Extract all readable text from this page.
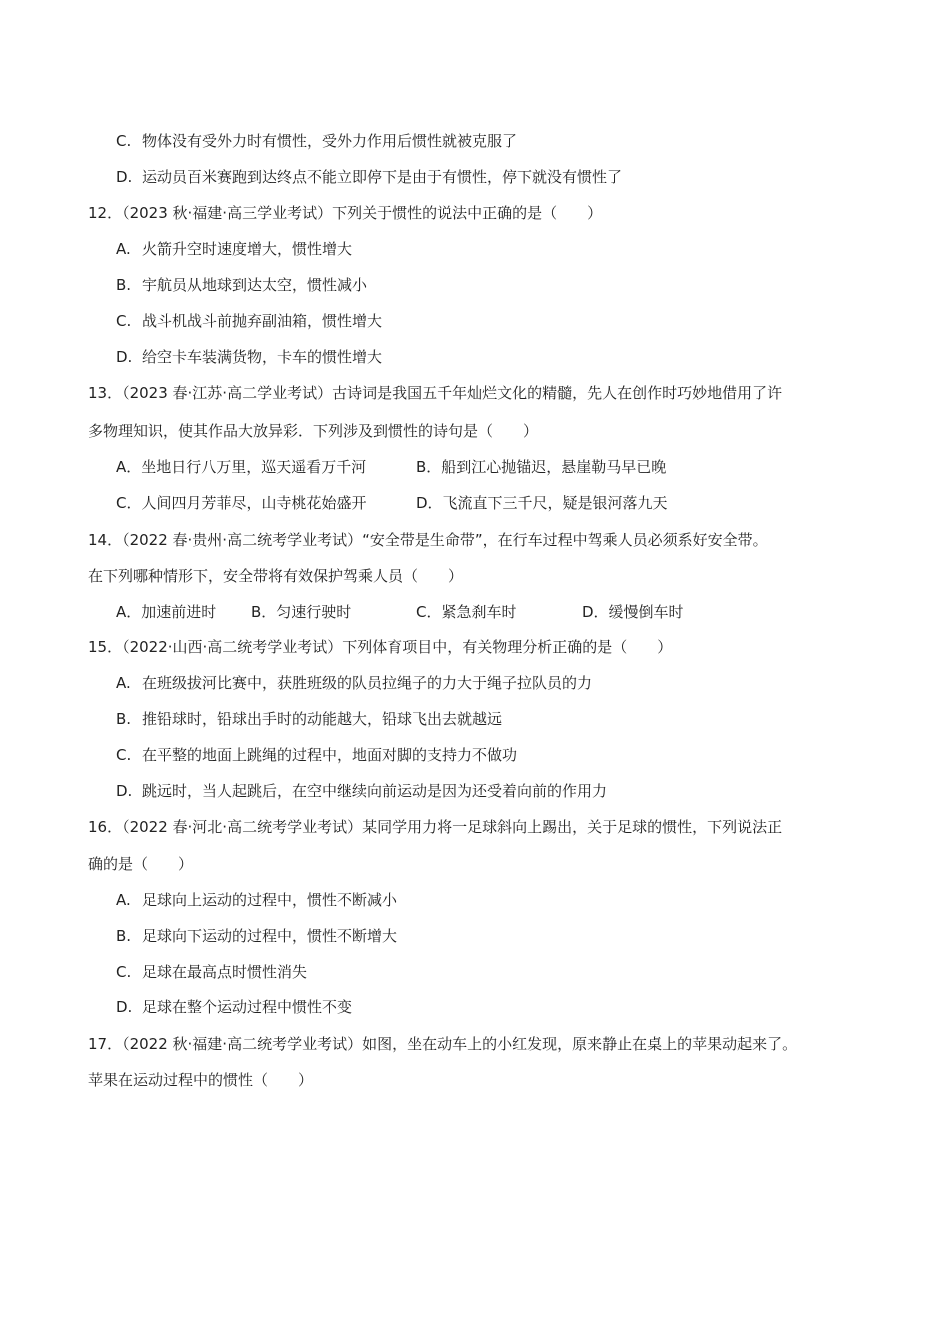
C. 物体没有受外力时有惯性，受外力作用后惯性就被克服了
D. 运动员百米赛跑到达终点不能立即停下是由于有惯性，停下就没有惯性了
12．（2023 秋·福建·高三学业考试）下列关于惯性的说法中正确的是（　　）
A. 火箭升空时速度增大，惯性增大
B. 宇航员从地球到达太空，惯性减小
C. 战斗机战斗前抛弃副油箱，惯性增大
D. 给空卡车装满货物，卡车的惯性增大
13．（2023 春·江苏·高二学业考试）古诗词是我国五千年灿烂文化的精髓，先人在创作时巧妙地借用了许
多物理知识，使其作品大放异彩．下列涉及到惯性的诗句是（　　）
A．坐地日行八万里，巡天遥看万千河	B．船到江心抛锚迟，悬崖勒马早已晚
C．人间四月芳菲尽，山寺桃花始盛开	D．飞流直下三千尺，疑是银河落九天
14．（2022 春·贵州·高二统考学业考试）“安全带是生命带”，在行车过程中驾乘人员必须系好安全带。
在下列哪种情形下，安全带将有效保护驾乘人员（　　）
A．加速前进时 B．匀速行驶时	C．紧急刹车时	D．缓慢倒车时
15．（2022·山西·高二统考学业考试）下列体育项目中，有关物理分析正确的是（　　）
A. 在班级拔河比赛中，获胜班级的队员拉绳子的力大于绳子拉队员的力
B. 推铅球时，铅球出手时的动能越大，铅球飞出去就越远
C. 在平整的地面上跳绳的过程中，地面对脚的支持力不做功
D. 跳远时，当人起跳后，在空中继续向前运动是因为还受着向前的作用力
16．（2022 春·河北·高二统考学业考试）某同学用力将一足球斜向上踢出，关于足球的惯性，下列说法正
确的是（　　）
A. 足球向上运动的过程中，惯性不断减小
B. 足球向下运动的过程中，惯性不断增大
C. 足球在最高点时惯性消失
D. 足球在整个运动过程中惯性不变
17．（2022 秋·福建·高二统考学业考试）如图，坐在动车上的小红发现，原来静止在桌上的苹果动起来了。
苹果在运动过程中的惯性（　　）
